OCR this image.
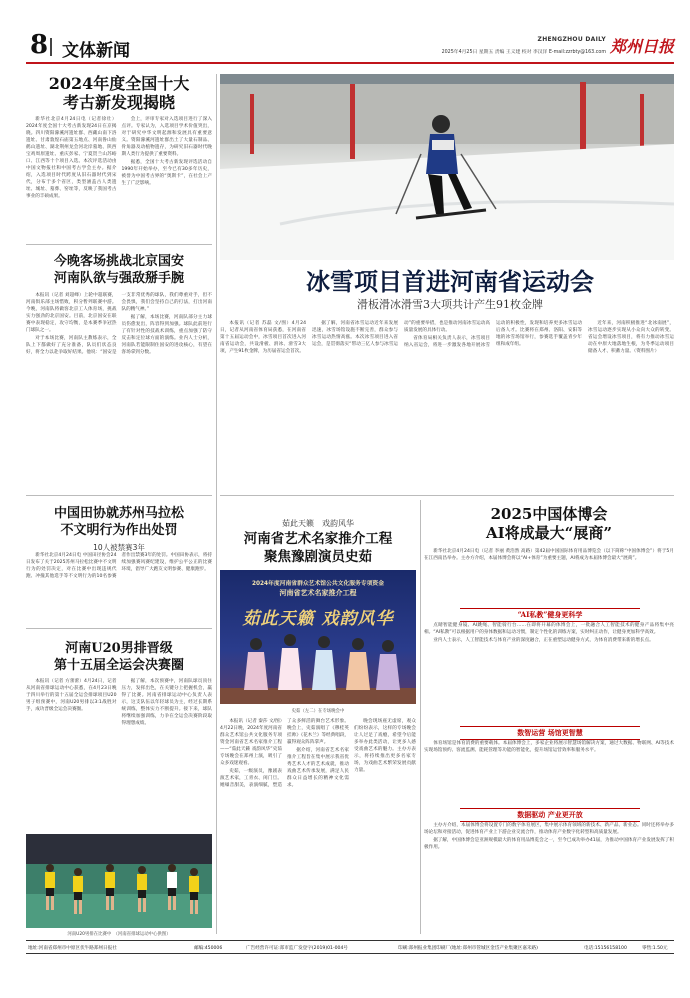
8 文体新闻
ZHENGZHOU DAILY
2025年4月25日 星期五 责编 王义建 校对 李汉洋 E-mail:zzrbty@163.com 郑州日报
2024年度全国十大
考古新发现揭晓

新华社北京4月24日电（记者徐壮）2024年度全国十大考古新发现24日在京揭晓。四川资阳濛溪河遗址群、西藏山南下洛遗址、甘肃敦煌石庙第五地点、河南鲁山仙鹤山遗址、湖北荆州龙会河北岸墓地、陕西宝鸡周原遗址、重庆彭家、宁夏贺兰山苏峪口、江西等十个项目入选。本次评选活动由中国文物报社和中国考古学会主办。据介绍，入选项目时代跨度从旧石器时代到宋代，分布于多个省区，类型涵盖古人类遗址、城址、墓葬、窑址等，反映了我国考古事业的丰硕成果。

会上，评审专家对入选项目进行了深入点评。专家认为，入选项目学术价值突出，对于研究中华文明起源和发展具有重要意义。资阳濛溪河遗址群出土了大量石制品、骨角器及动植物遗存，为研究旧石器时代晚期人类行为提供了重要资料。

据悉，全国十大考古新发现评选活动自1990年开始举办，至今已有30多年历史，被誉为中国考古界的“奥斯卡”，在社会上产生了广泛影响。

今晚客场挑战北京国安
河南队欲与强敌掰手腕

本报讯（记者 刘超峰）上轮中超联赛，河南俱乐部主场惜败，积分暂列联赛中游。今晚，河南队将做客北京工人体育场，挑战实力强劲的北京国安。目前，北京国安在联赛中表现稳定，攻守均衡，是本赛季争冠热门球队之一。

对于本场比赛，河南队主教练表示，全队上下都做好了充分准备，队员们状态良好，将全力以赴争取好结果。他说：“国安是一支非常优秀的球队，我们尊重对手，但不会畏惧，我们会坚持自己的打法，打出河南队的精气神。”

据了解，本场比赛，河南队部分主力球员伤愈复出，阵容得到加强。球队此前进行了有针对性的技战术训练，重点加强了防守反击和定位球方面的演练。业内人士分析，河南队若能限制住国安的进攻核心，有望在客场拿到分数。

冰雪项目首进河南省运动会
滑板滑冰滑雪3大项共计产生91枚金牌

本报讯（记者 苏磊 文/图）4月24日，记者从河南省体育局获悉，在河南省第十五届运动会中，冰雪项目首次进入河南省运动会，共设滑板、滑冰、滑雪3大项，产生91枚金牌，为历届省运会首次。

据了解，河南省冰雪运动近年来发展迅速，冰雪场馆设施不断完善，群众参与冰雪运动热情高涨。本次冰雪项目进入省运会，是贯彻落实“带动三亿人参与冰雪运动”的重要举措，也是推动河南冰雪运动高质量发展的具体行动。

省体育局相关负责人表示，冰雪项目纳入省运会，将进一步激发各地开展冰雪运动的积极性，发现和培养更多冰雪运动后备人才。比赛将在郑州、洛阳、安阳等地的冰雪场馆举行，参赛选手覆盖青少年组和成年组。

近年来，河南积极推进“北冰南展”，冰雪运动逐步实现从小众向大众的转变。省运会增设冰雪项目，将有力推动冰雪运动在中原大地落地生根，为冬季运动项目储备人才、积蓄力量。（资料图片）

中国田协就苏州马拉松
不文明行为作出处罚
10人被禁赛3年

新华社北京4月24日电 中国田径协会24日发布了关于2025苏州马拉松比赛中不文明行为的处罚决定，对在比赛中出现违规代跑、冲撞其他选手等不文明行为的10名参赛者作出禁赛3年的处罚。中国田协表示，将持续加强赛风赛纪建设，维护公平公正的比赛环境，倡导广大跑友文明参赛、健康跑步。

河南U20男排晋级
第十五届全运会决赛圈

本报讯（记者 方蕾蕾）4月24日，记者从河南省排球运动中心获悉，在4月23日晚于四川举行的第十五届全运会排球项目U20男子组预赛中，河南U20男排以3:1战胜对手，成功晋级全运会决赛圈。

据了解，本次预赛中，河南队球员顶住压力，发挥出色，在关键分上把握机会，赢得了比赛。河南省排球运动中心负责人表示，这支队伍以年轻球员为主，经过长期系统训练，整体实力不断提升。接下来，球队将继续加强训练，力争在全运会决赛阶段取得理想成绩。

河南U20男排在比赛中　（河南省排球运动中心供图）
茹此天籁　戏韵风华
河南省艺术名家推介工程
聚焦豫剧演员史茹
2024年度河南省群众艺术馆公共文化服务专项资金
河南省艺术名家推介工程
茹此天籁 戏韵风华
史茹（左二）在专场晚会中

本报讯（记者 秦莎 文/图）4月22日晚，2024年度河南省群众艺术馆公共文化服务专项资金河南省艺术名家推介工程——“茹此天籁 戏韵风华”史茹专场晚会在郑州上演，吸引了众多戏迷观看。

史茹，一级演员，豫剧表演艺术家，工青衣、闺门旦。她嗓音甜美，表演细腻，塑造了众多鲜活的舞台艺术形象。晚会上，史茹演唱了《穆桂英挂帅》《花木兰》等经典唱段，赢得观众阵阵掌声。

据介绍，河南省艺术名家推介工程旨在集中展示我省优秀艺术人才的艺术成就，推动戏曲艺术传承发展，满足人民群众日益增长的精神文化需求。

晚会现场座无虚席，观众们纷纷表示，这样的专场晚会让人过足了戏瘾，希望今后能多举办此类活动，让更多人感受戏曲艺术的魅力。主办方表示，将持续推出更多名家专场，为戏曲艺术繁荣发展贡献力量。

2025中国体博会
AI将成最大“展商”

新华社北京4月24日电（记者 李丽 黄浩然 高路）第42届中国国际体育用品博览会（以下简称“中国体博会”）将于5月在江西南昌举办。主办方介绍，本届体博会将以“AI+体育”为重要主题，AI将成为本届体博会最大“展商”。

“AI私教”健身更科学

点睛智能健身镜、AI跳绳、智能骑行台……在即将开幕的体博会上，一批融合人工智能技术的健身产品将集中亮相。“AI私教”可以根据用户的身体数据和运动习惯，制定个性化的训练方案，实时纠正动作，让健身更加科学高效。

业内人士表示，人工智能技术与体育产业的深度融合，正在重塑运动健身方式，为体育消费带来新的增长点。

数智运营 场馆更智慧

体育场馆是体育消费的重要载体。本届体博会上，多家企业将展示智慧场馆解决方案，通过大数据、物联网、AI等技术实现场馆预约、客流监测、能耗管理等功能的智能化，提升场馆运营效率和服务水平。

数据驱动 产业更开放

主办方介绍，本届体博会将设置专门的数字体育展区，集中展示体育领域的新技术、新产品、新业态。同时还将举办多场论坛和对接活动，促进体育产业上下游企业交流合作，推动体育产业数字化转型和高质量发展。

据了解，中国体博会是亚洲规模最大的体育用品博览会之一，至今已成功举办41届，为推动中国体育产业发展发挥了积极作用。

地址:河南省郑州市中原区伏牛路郑州日报社	邮编:450006	广告经营许可证:郑市监广发登字(2019)01-004号	印刷:郑州报业集团印刷厂(地址:郑州市管城区金岱产业集聚区嘉禾路)	电话:15156158100	零售:1.50元
